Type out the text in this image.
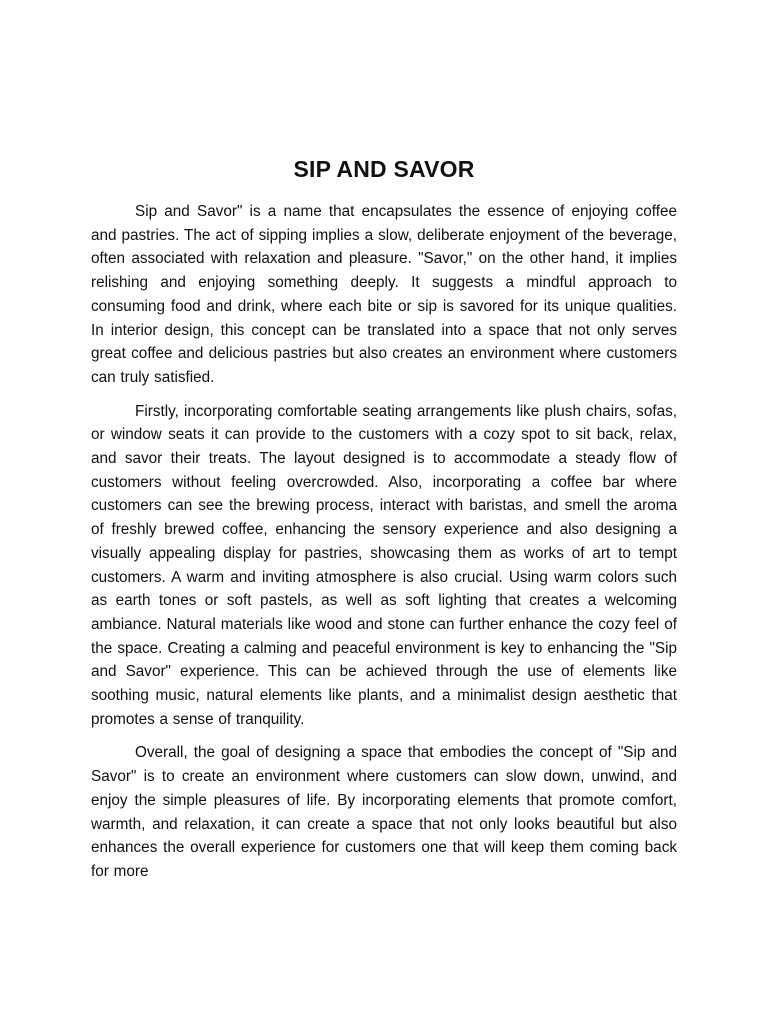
SIP AND SAVOR

Sip and Savor" is a name that encapsulates the essence of enjoying coffee and pastries. The act of sipping implies a slow, deliberate enjoyment of the beverage, often associated with relaxation and pleasure. "Savor," on the other hand, it implies relishing and enjoying something deeply. It suggests a mindful approach to consuming food and drink, where each bite or sip is savored for its unique qualities. In interior design, this concept can be translated into a space that not only serves great coffee and delicious pastries but also creates an environment where customers can truly satisfied.

Firstly, incorporating comfortable seating arrangements like plush chairs, sofas, or window seats it can provide to the customers with a cozy spot to sit back, relax, and savor their treats. The layout designed is to accommodate a steady flow of customers without feeling overcrowded. Also, incorporating a coffee bar where customers can see the brewing process, interact with baristas, and smell the aroma of freshly brewed coffee, enhancing the sensory experience and also designing a visually appealing display for pastries, showcasing them as works of art to tempt customers. A warm and inviting atmosphere is also crucial. Using warm colors such as earth tones or soft pastels, as well as soft lighting that creates a welcoming ambiance. Natural materials like wood and stone can further enhance the cozy feel of the space. Creating a calming and peaceful environment is key to enhancing the "Sip and Savor" experience. This can be achieved through the use of elements like soothing music, natural elements like plants, and a minimalist design aesthetic that promotes a sense of tranquility.

Overall, the goal of designing a space that embodies the concept of "Sip and Savor" is to create an environment where customers can slow down, unwind, and enjoy the simple pleasures of life. By incorporating elements that promote comfort, warmth, and relaxation, it can create a space that not only looks beautiful but also enhances the overall experience for customers one that will keep them coming back for more
